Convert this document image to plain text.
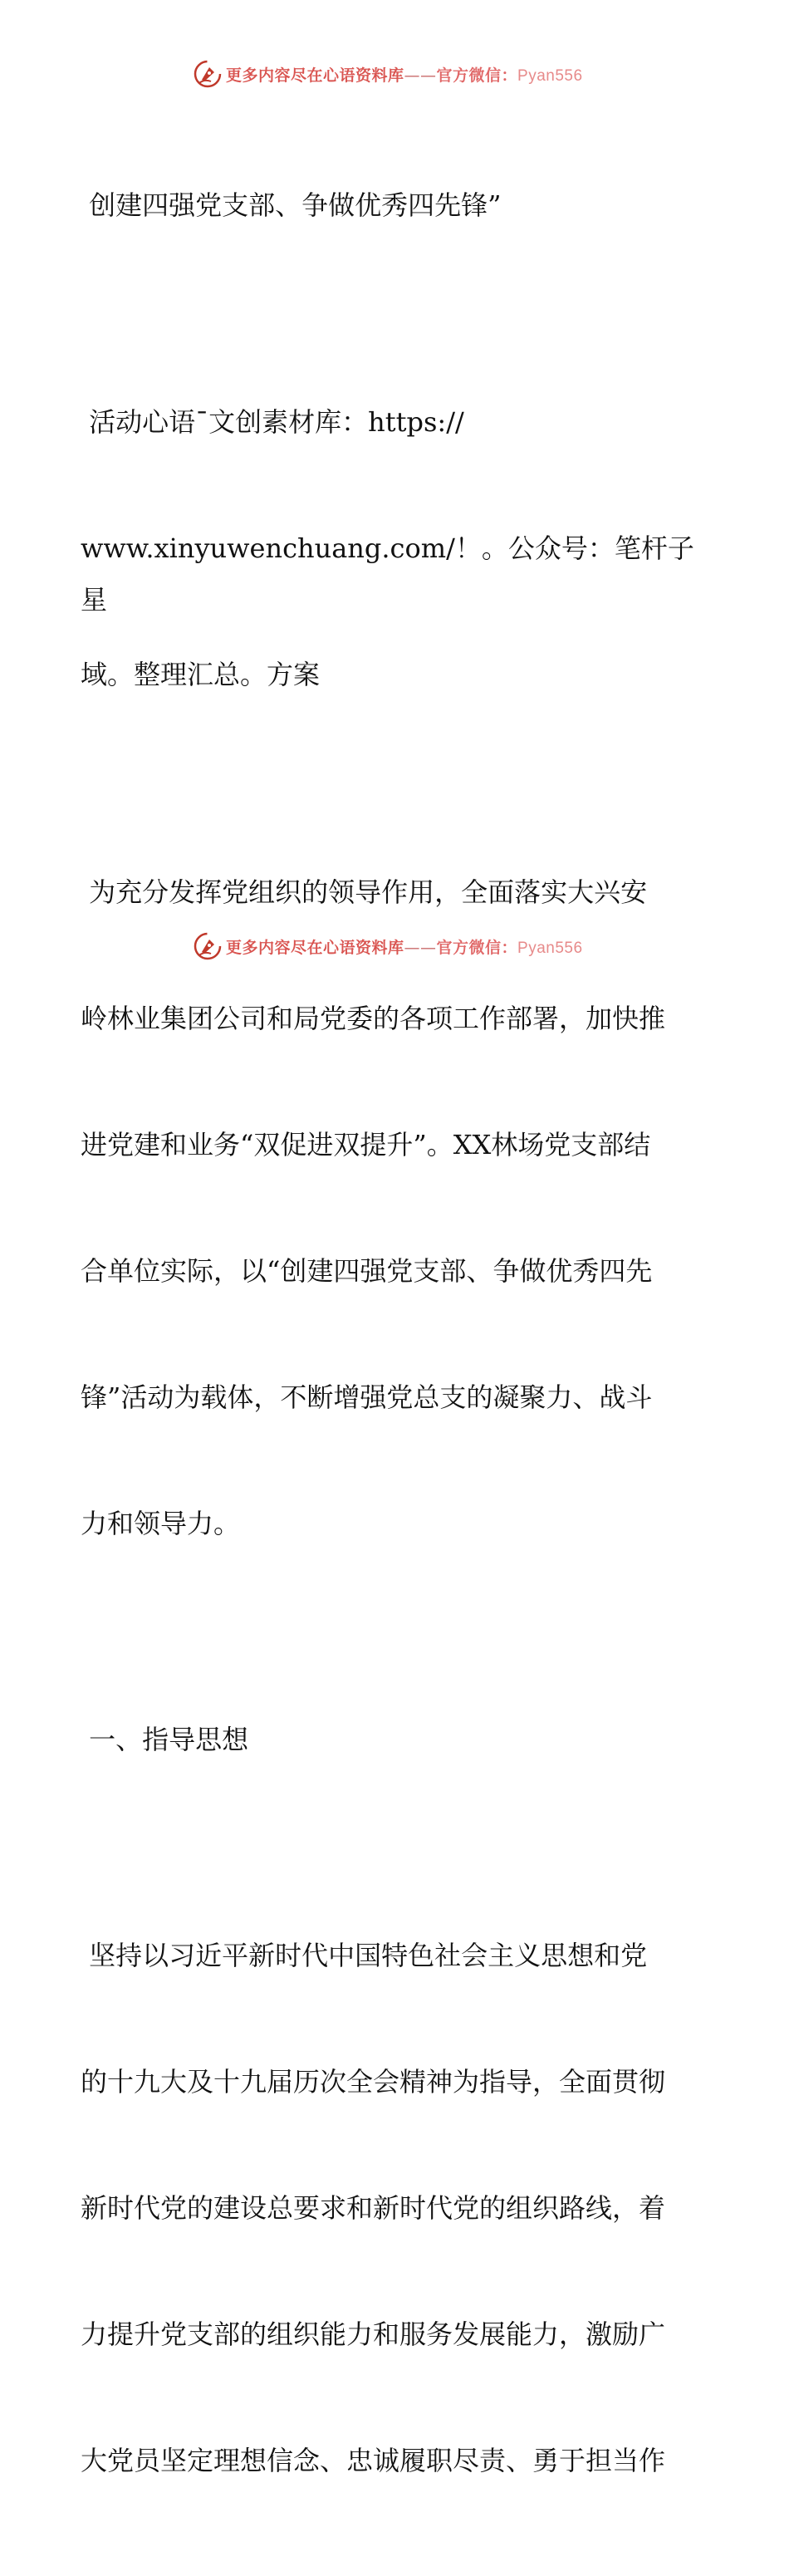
更多内容尽在心语资料库——官方微信：Pyan556

创建四强党支部、争做优秀四先锋”

活动心语¯文创素材库：https://

www.xinyuwenchuang.com/！。公众号：笔杆子星

域。整理汇总。方案

为充分发挥党组织的领导作用，全面落实大兴安

岭林业集团公司和局党委的各项工作部署，加快推

进党建和业务“双促进双提升”。XX林场党支部结

合单位实际，以“创建四强党支部、争做优秀四先

锋”活动为载体，不断增强党总支的凝聚力、战斗

力和领导力。

一、指导思想

坚持以习近平新时代中国特色社会主义思想和党

的十九大及十九届历次全会精神为指导，全面贯彻

新时代党的建设总要求和新时代党的组织路线，着

力提升党支部的组织能力和服务发展能力，激励广

大党员坚定理想信念、忠诚履职尽责、勇于担当作

更多内容尽在心语资料库——官方微信：Pyan556
